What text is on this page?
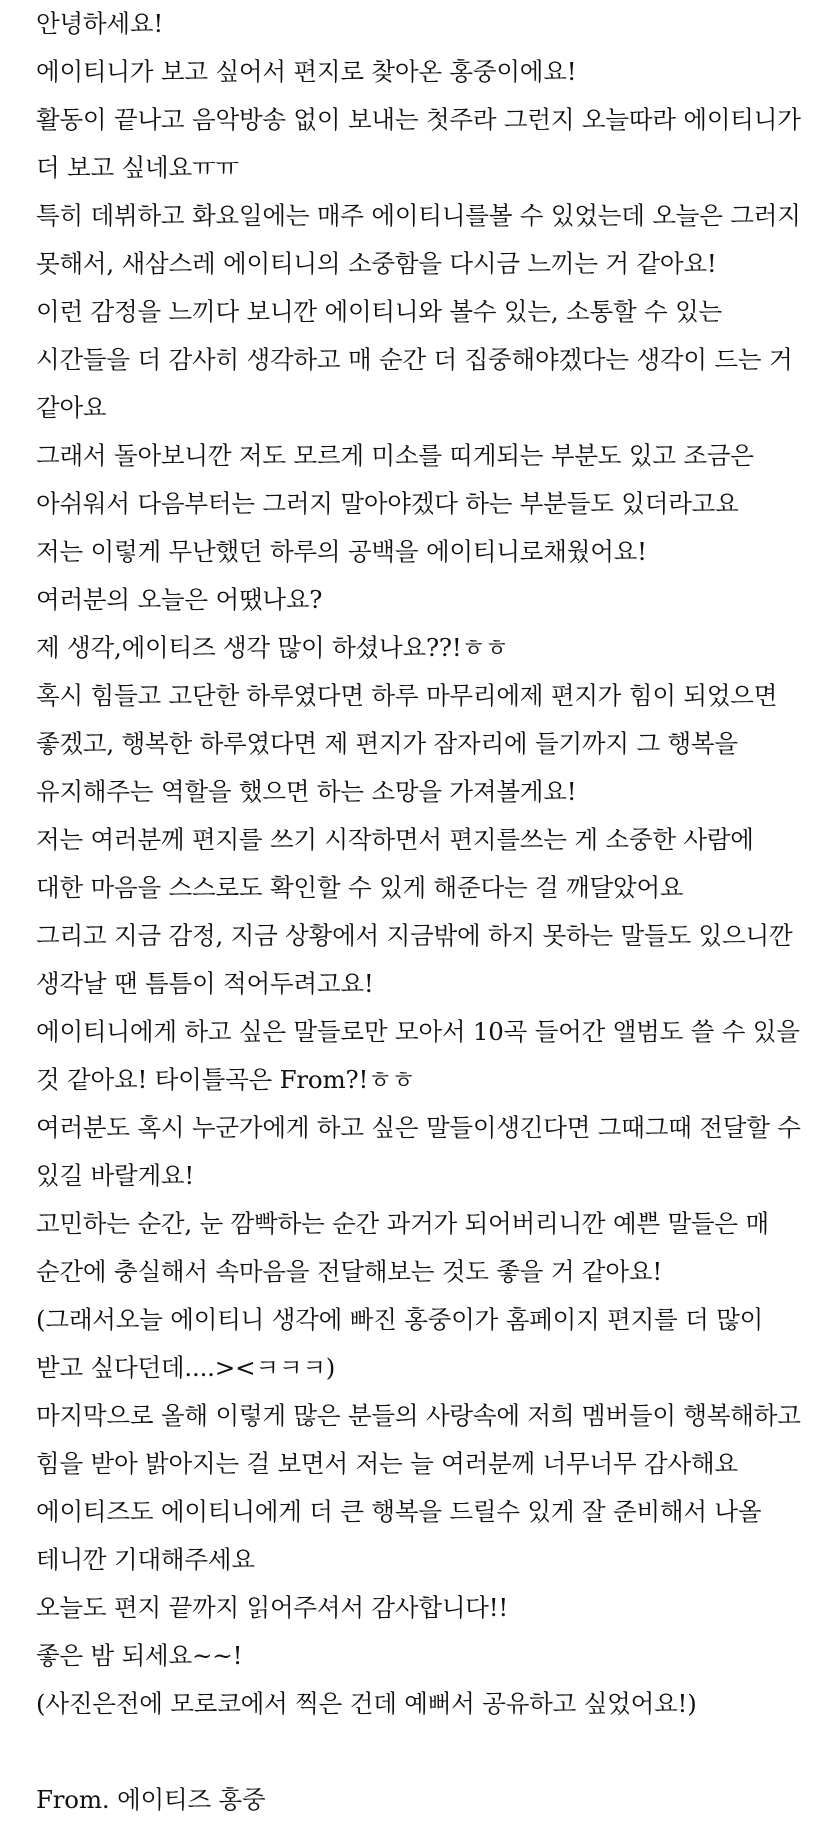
안녕하세요!

에이티니가 보고 싶어서 편지로 찾아온 홍중이에요!

활동이 끝나고 음악방송 없이 보내는 첫주라 그런지 오늘따라 에이티니가 더 보고 싶네요ㅠㅠ

특히 데뷔하고 화요일에는 매주 에이티니를볼 수 있었는데 오늘은 그러지 못해서, 새삼스레 에이티니의 소중함을 다시금 느끼는 거 같아요!

이런 감정을 느끼다 보니깐 에이티니와 볼수 있는, 소통할 수 있는 시간들을 더 감사히 생각하고 매 순간 더 집중해야겠다는 생각이 드는 거 같아요

그래서 돌아보니깐 저도 모르게 미소를 띠게되는 부분도 있고 조금은 아쉬워서 다음부터는 그러지 말아야겠다 하는 부분들도 있더라고요

저는 이렇게 무난했던 하루의 공백을 에이티니로채웠어요!

여러분의 오늘은 어땠나요?

제 생각,에이티즈 생각 많이 하셨나요??!ㅎㅎ

혹시 힘들고 고단한 하루였다면 하루 마무리에제 편지가 힘이 되었으면 좋겠고, 행복한 하루였다면 제 편지가 잠자리에 들기까지 그 행복을 유지해주는 역할을 했으면 하는 소망을 가져볼게요!

저는 여러분께 편지를 쓰기 시작하면서 편지를쓰는 게 소중한 사람에 대한 마음을 스스로도 확인할 수 있게 해준다는 걸 깨달았어요

그리고 지금 감정, 지금 상황에서 지금밖에 하지 못하는 말들도 있으니깐 생각날 땐 틈틈이 적어두려고요!

에이티니에게 하고 싶은 말들로만 모아서 10곡 들어간 앨범도 쓸 수 있을 것 같아요! 타이틀곡은 From?!ㅎㅎ

여러분도 혹시 누군가에게 하고 싶은 말들이생긴다면 그때그때 전달할 수 있길 바랄게요!

고민하는 순간, 눈 깜빡하는 순간 과거가 되어버리니깐 예쁜 말들은 매 순간에 충실해서 속마음을 전달해보는 것도 좋을 거 같아요!

(그래서오늘 에이티니 생각에 빠진 홍중이가 홈페이지 편지를 더 많이 받고 싶다던데....><ㅋㅋㅋ)

마지막으로 올해 이렇게 많은 분들의 사랑속에 저희 멤버들이 행복해하고 힘을 받아 밝아지는 걸 보면서 저는 늘 여러분께 너무너무 감사해요

에이티즈도 에이티니에게 더 큰 행복을 드릴수 있게 잘 준비해서 나올 테니깐 기대해주세요

오늘도 편지 끝까지 읽어주셔서 감사합니다!!

좋은 밤 되세요~~!

(사진은전에 모로코에서 찍은 건데 예뻐서 공유하고 싶었어요!)

From. 에이티즈 홍중
